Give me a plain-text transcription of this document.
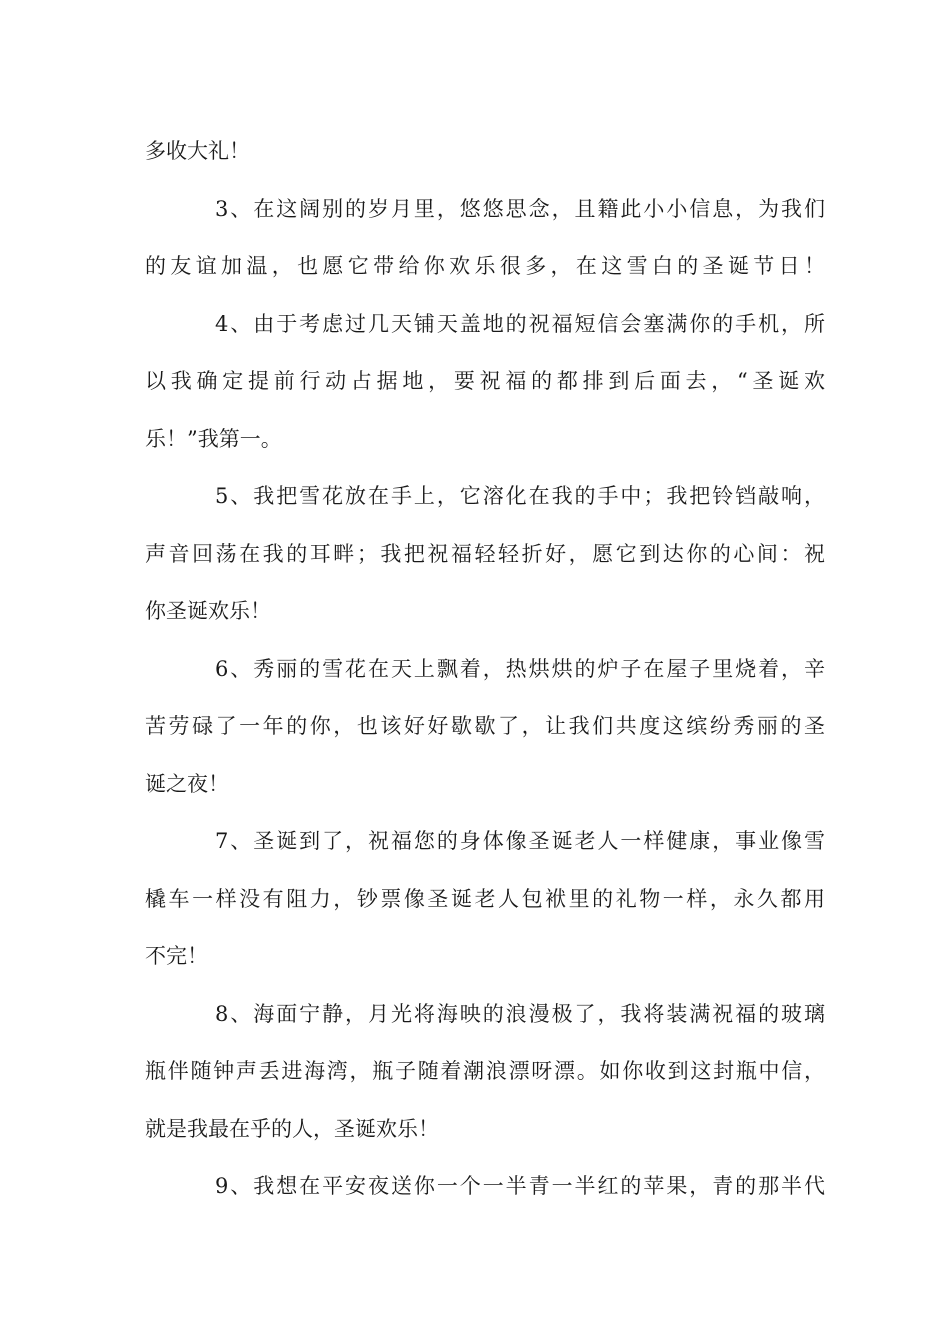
多收大礼！
3、在这阔别的岁月里，悠悠思念，且籍此小小信息，为我们
的友谊加温，也愿它带给你欢乐很多，在这雪白的圣诞节日！
4、由于考虑过几天铺天盖地的祝福短信会塞满你的手机，所
以我确定提前行动占据地，要祝福的都排到后面去，“圣诞欢
乐！”我第一。
5、我把雪花放在手上，它溶化在我的手中；我把铃铛敲响，
声音回荡在我的耳畔；我把祝福轻轻折好，愿它到达你的心间：祝
你圣诞欢乐！
6、秀丽的雪花在天上飘着，热烘烘的炉子在屋子里烧着，辛
苦劳碌了一年的你，也该好好歇歇了，让我们共度这缤纷秀丽的圣
诞之夜！
7、圣诞到了，祝福您的身体像圣诞老人一样健康，事业像雪
橇车一样没有阻力，钞票像圣诞老人包袱里的礼物一样，永久都用
不完！
8、海面宁静，月光将海映的浪漫极了，我将装满祝福的玻璃
瓶伴随钟声丢进海湾，瓶子随着潮浪漂呀漂。如你收到这封瓶中信，
就是我最在乎的人，圣诞欢乐！
9、我想在平安夜送你一个一半青一半红的苹果，青的那半代
